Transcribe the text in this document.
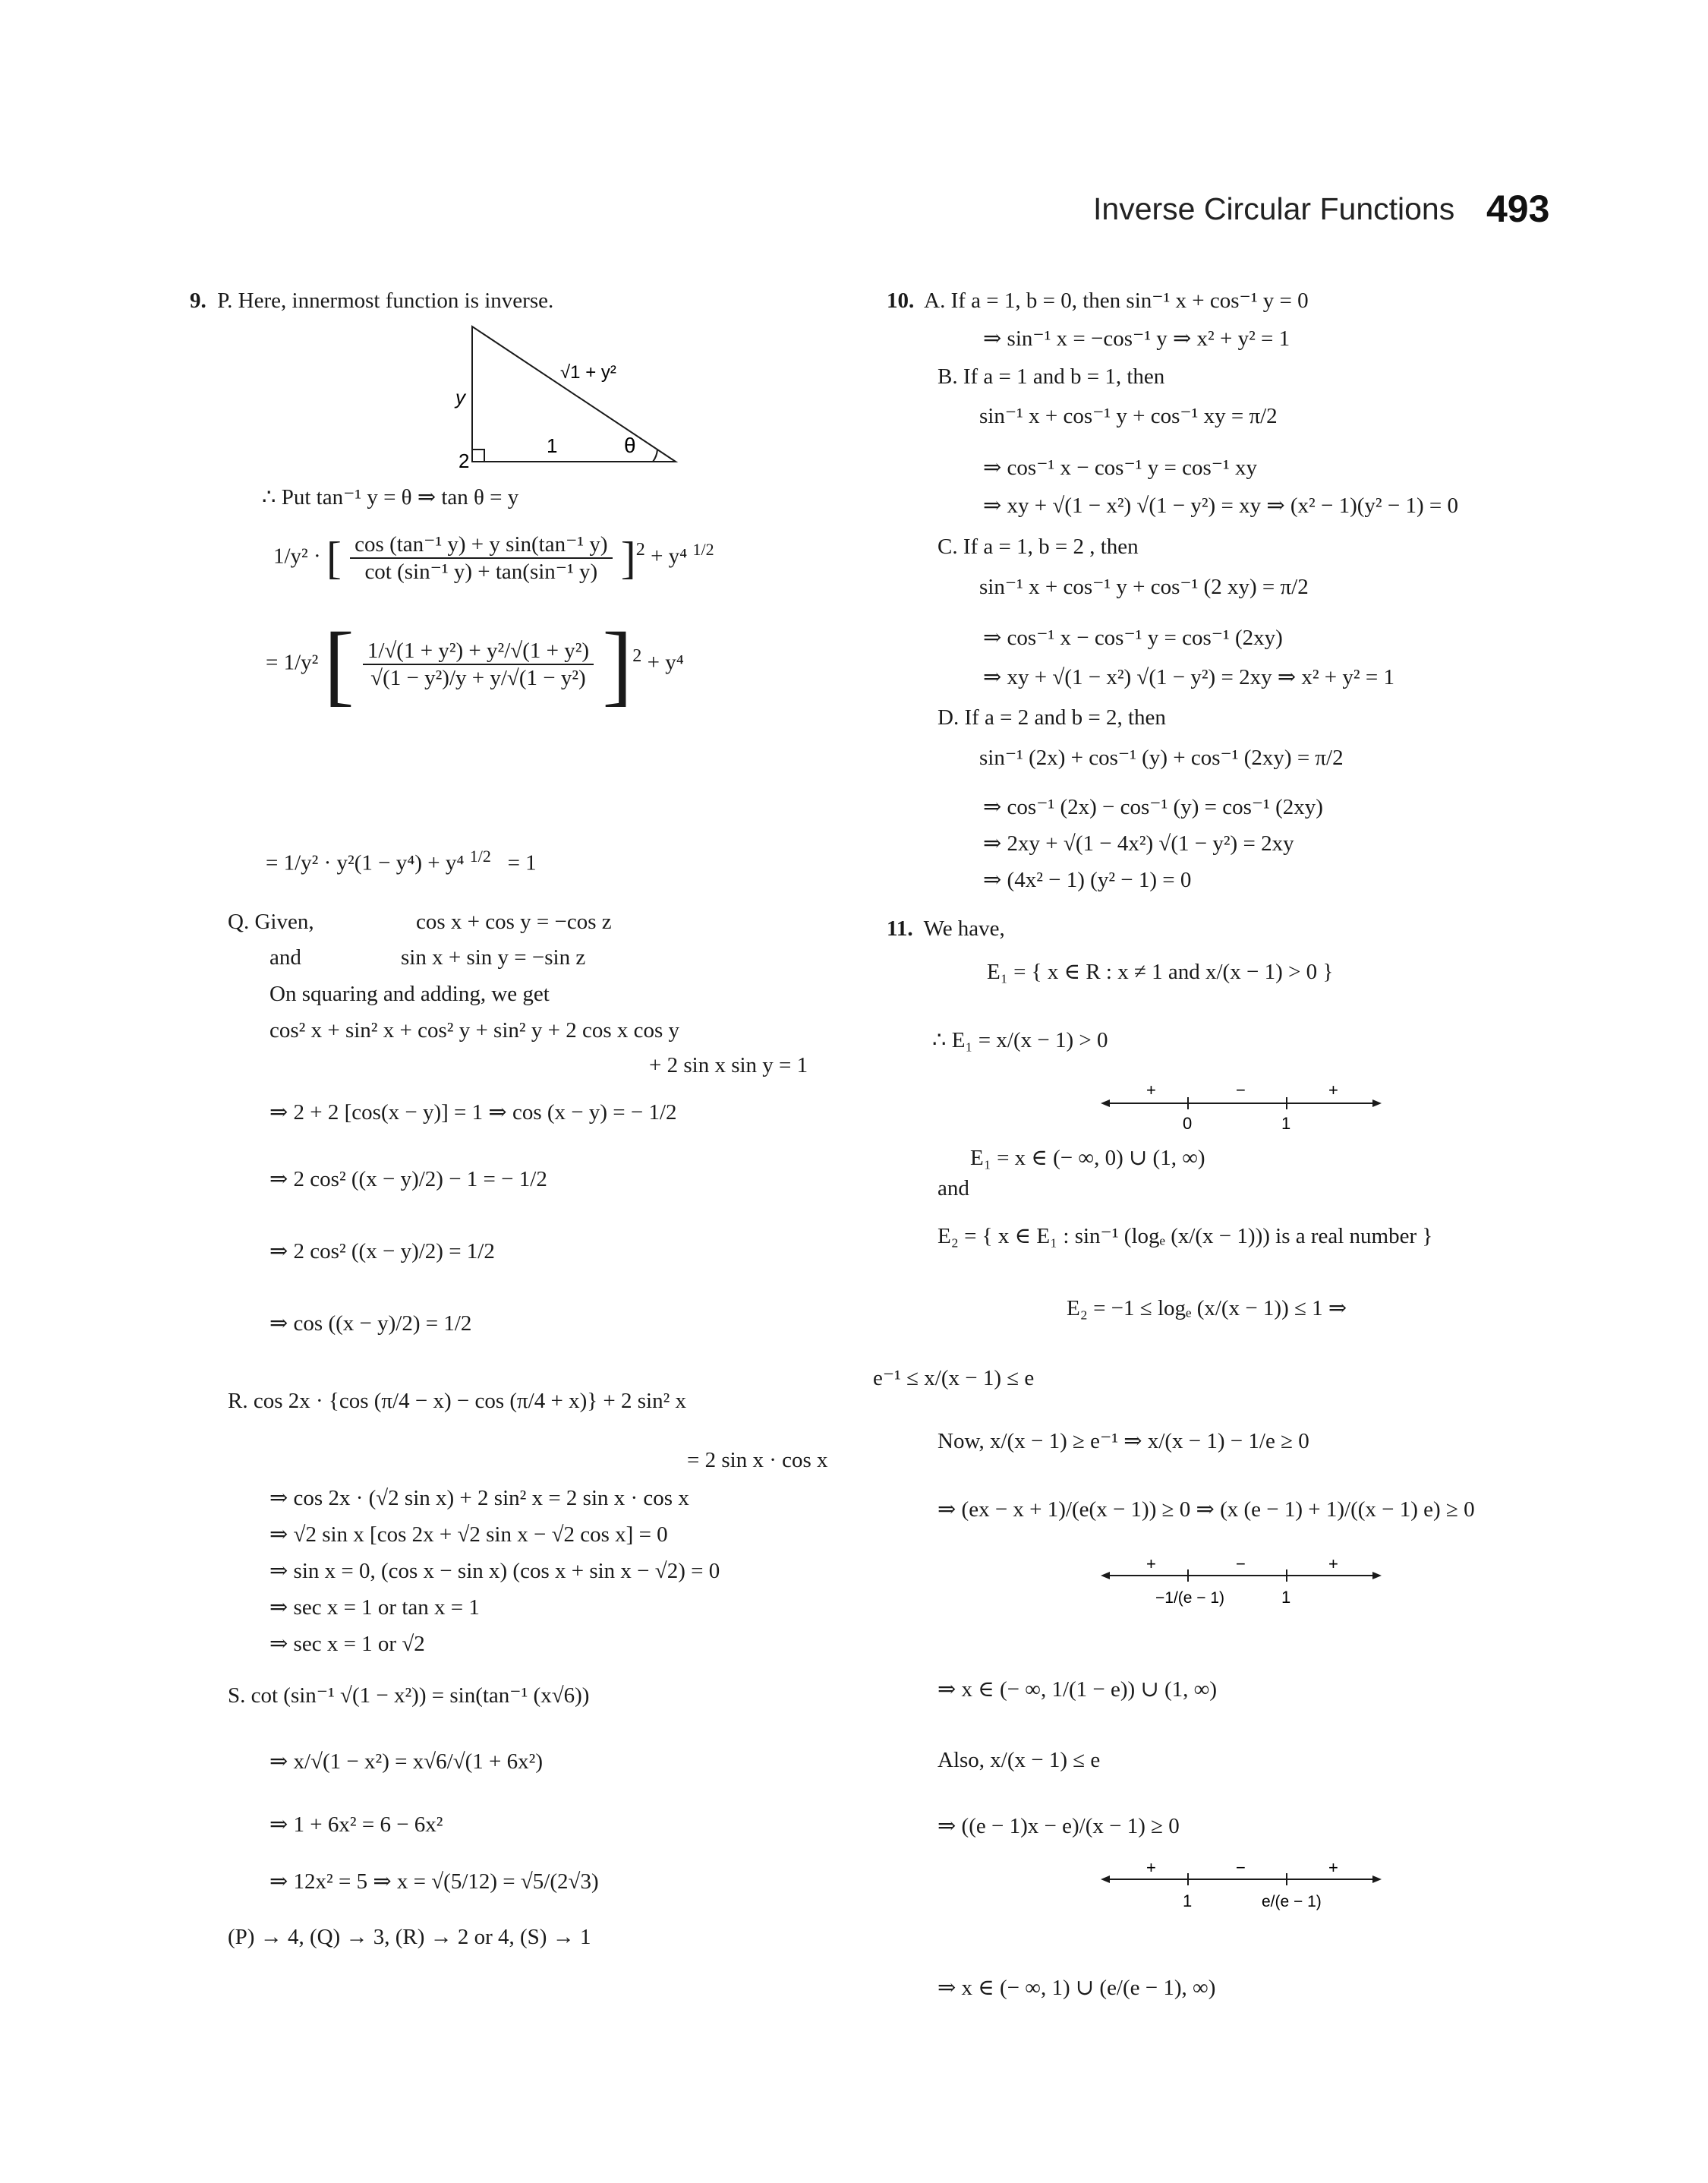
Inverse Circular Functions 493
9. P. Here, innermost function is inverse.
√1 + y²
y
1	θ
2
∴ Put tan⁻¹ y = θ ⇒ tan θ = y
1/y² · [ $\frac{\text{cos (tan⁻¹ y) + y sin(tan⁻¹ y)}}{\text{cot (sin⁻¹ y) + tan(sin⁻¹ y)}} ]^2 + y^4$ $^{1/2}$
= 1/y² [ $\frac{\text{1/√(1 + y²) + y²/√(1 + y²)}}{\text{√(1 − y²)/y + y/√(1 − y²)}} ]^2 + y^4$
= 1/y² · y²(1 − y⁴) + y⁴ $^{1/2}$ = 1
Q. Given,	cos x + cos y = −cos z
and	sin x + sin y = −sin z
On squaring and adding, we get
cos² x + sin² x + cos² y + sin² y + 2 cos x cos y
+ 2 sin x sin y = 1
⇒ 2 + 2 [cos(x − y)] = 1 ⇒ cos (x − y) = − 1/2
⇒ 2 cos² ((x − y)/2) − 1 = − 1/2
⇒ 2 cos² ((x − y)/2) = 1/2
⇒ cos ((x − y)/2) = 1/2
R. cos 2x · {cos (π/4 − x) − cos (π/4 + x)} + 2 sin² x
= 2 sin x · cos x
⇒ cos 2x · (√2 sin x) + 2 sin² x = 2 sin x · cos x
⇒ √2 sin x [cos 2x + √2 sin x − √2 cos x] = 0
⇒ sin x = 0, (cos x − sin x) (cos x + sin x − √2) = 0
⇒ sec x = 1 or tan x = 1
⇒ sec x = 1 or √2
S. cot (sin⁻¹ √(1 − x²)) = sin(tan⁻¹ (x√6))
⇒ x/√(1 − x²) = x√6/√(1 + 6x²)
⇒ 1 + 6x² = 6 − 6x²
⇒ 12x² = 5 ⇒ x = √(5/12) = √5/(2√3)
(P) → 4, (Q) → 3, (R) → 2 or 4, (S) → 1
10. A. If a = 1, b = 0, then sin⁻¹ x + cos⁻¹ y = 0
⇒ sin⁻¹ x = −cos⁻¹ y ⇒ x² + y² = 1
B. If a = 1 and b = 1, then
sin⁻¹ x + cos⁻¹ y + cos⁻¹ xy = π/2
⇒ cos⁻¹ x − cos⁻¹ y = cos⁻¹ xy
⇒ xy + √(1 − x²) √(1 − y²) = xy ⇒ (x² − 1)(y² − 1) = 0
C. If a = 1, b = 2 , then
sin⁻¹ x + cos⁻¹ y + cos⁻¹ (2 xy) = π/2
⇒ cos⁻¹ x − cos⁻¹ y = cos⁻¹ (2xy)
⇒ xy + √(1 − x²) √(1 − y²) = 2xy ⇒ x² + y² = 1
D. If a = 2 and b = 2, then
sin⁻¹ (2x) + cos⁻¹ (y) + cos⁻¹ (2xy) = π/2
⇒ cos⁻¹ (2x) − cos⁻¹ (y) = cos⁻¹ (2xy)
⇒ 2xy + √(1 − 4x²) √(1 − y²) = 2xy
⇒ (4x² − 1) (y² − 1) = 0
11. We have,
E₁ = { x ∈ R : x ≠ 1 and x/(x − 1) > 0 }
∴ E₁ = x/(x − 1) > 0
+	−	+
0	1
E₁ = x ∈ (− ∞, 0) ∪ (1, ∞)
and
E₂ = { x ∈ E₁ : sin⁻¹ (logₑ (x/(x − 1))) is a real number }
E₂ = −1 ≤ logₑ (x/(x − 1)) ≤ 1 ⇒
e⁻¹ ≤ x/(x − 1) ≤ e
Now, x/(x − 1) ≥ e⁻¹ ⇒ x/(x − 1) − 1/e ≥ 0
⇒ (ex − x + 1)/(e(x − 1)) ≥ 0 ⇒ (x (e − 1) + 1)/((x − 1) e) ≥ 0
+	−	+
−1/(e − 1)	1
⇒ x ∈ (− ∞, 1/(1 − e)) ∪ (1, ∞)
Also, x/(x − 1) ≤ e
⇒ ((e − 1)x − e)/(x − 1) ≥ 0
+	−	+
1	e/(e − 1)
⇒ x ∈ (− ∞, 1) ∪ (e/(e − 1), ∞)
